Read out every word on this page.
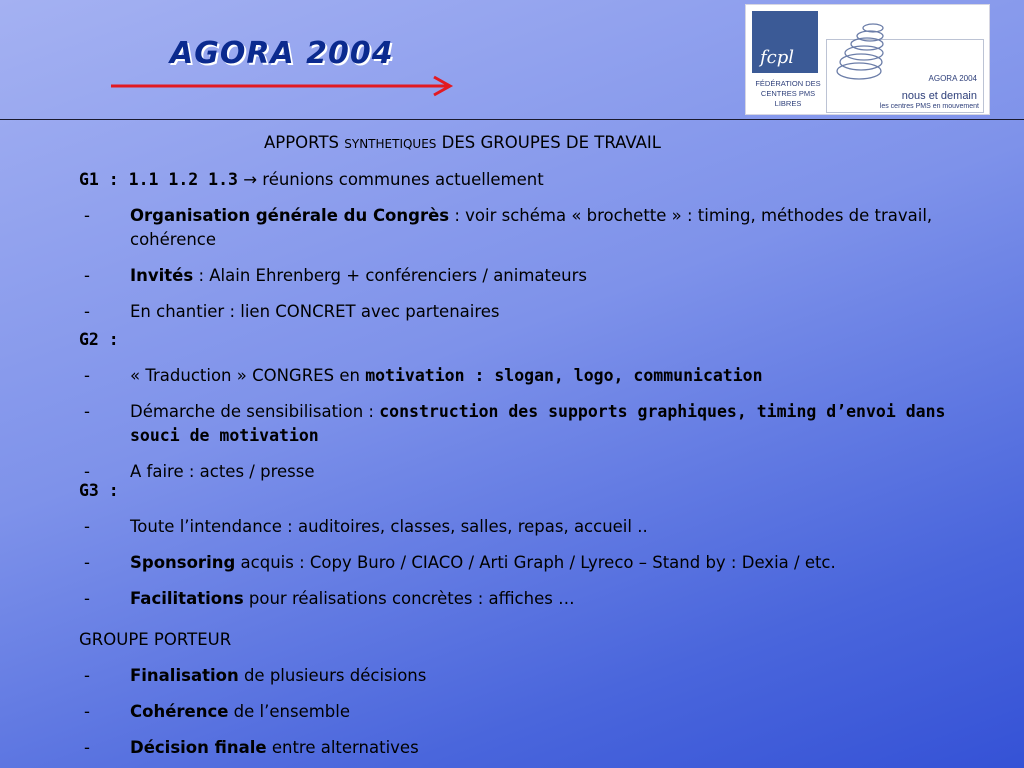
AGORA 2004	fcpl
FÉDÉRATION DES
CENTRES PMS LIBRES
AGORA 2004
nous et demain
les centres PMS en mouvement
APPORTS SYNTHETIQUES DES GROUPES DE TRAVAIL
G1 : 1.1 1.2 1.3 → réunions communes actuellement
- Organisation générale du Congrès : voir schéma « brochette » : timing, méthodes de travail, cohérence
- Invités : Alain Ehrenberg + conférenciers / animateurs
- En chantier : lien CONCRET avec partenaires
G2 :
- « Traduction » CONGRES en motivation : slogan, logo, communication
- Démarche de sensibilisation : construction des supports graphiques, timing d’envoi dans souci de motivation
- A faire : actes / presse
G3 :
- Toute l’intendance : auditoires, classes, salles, repas, accueil ..
- Sponsoring acquis : Copy Buro / CIACO / Arti Graph / Lyreco – Stand by : Dexia / etc.
- Facilitations pour réalisations concrètes : affiches …
GROUPE PORTEUR
- Finalisation de plusieurs décisions
- Cohérence de l’ensemble
- Décision finale entre alternatives
